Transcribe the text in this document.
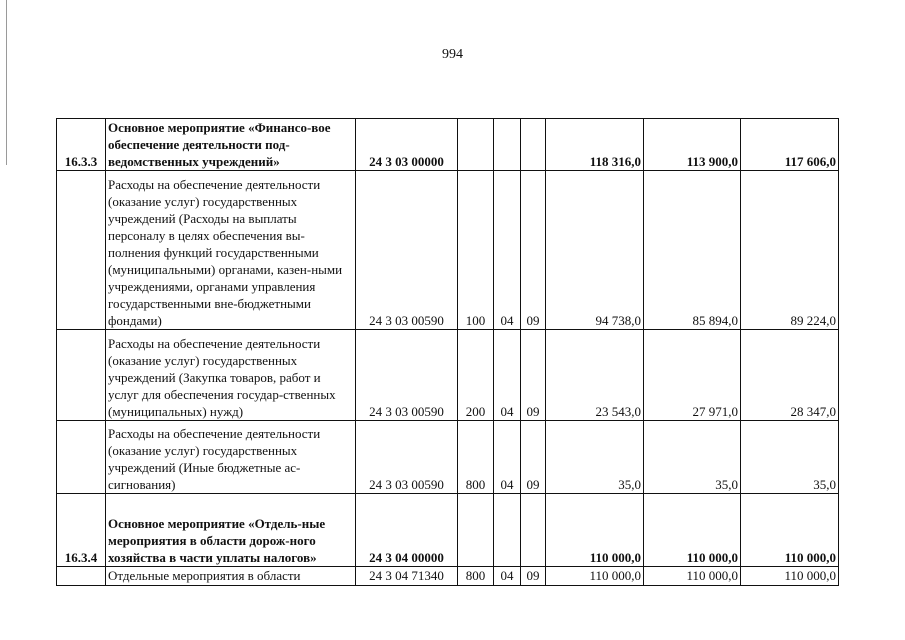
994
16.3.3	Основное мероприятие «Финансо-вое обеспечение деятельности под-ведомственных учреждений»	24 3 03 00000				118 316,0	113 900,0	117 606,0
	Расходы на обеспечение деятельности (оказание услуг) государственных учреждений (Расходы на выплаты персоналу в целях обеспечения вы-полнения функций государственными (муниципальными) органами, казен-ными учреждениями, органами управления государственными вне-бюджетными фондами)	24 3 03 00590	100	04	09	94 738,0	85 894,0	89 224,0
	Расходы на обеспечение деятельности (оказание услуг) государственных учреждений (Закупка товаров, работ и услуг для обеспечения государ-ственных (муниципальных) нужд)	24 3 03 00590	200	04	09	23 543,0	27 971,0	28 347,0
	Расходы на обеспечение деятельности (оказание услуг) государственных учреждений (Иные бюджетные ас-сигнования)	24 3 03 00590	800	04	09	35,0	35,0	35,0
16.3.4	Основное мероприятие «Отдель-ные мероприятия в области дорож-ного хозяйства в части уплаты налогов»	24 3 04 00000				110 000,0	110 000,0	110 000,0
	Отдельные мероприятия в области	24 3 04 71340	800	04	09	110 000,0	110 000,0	110 000,0
